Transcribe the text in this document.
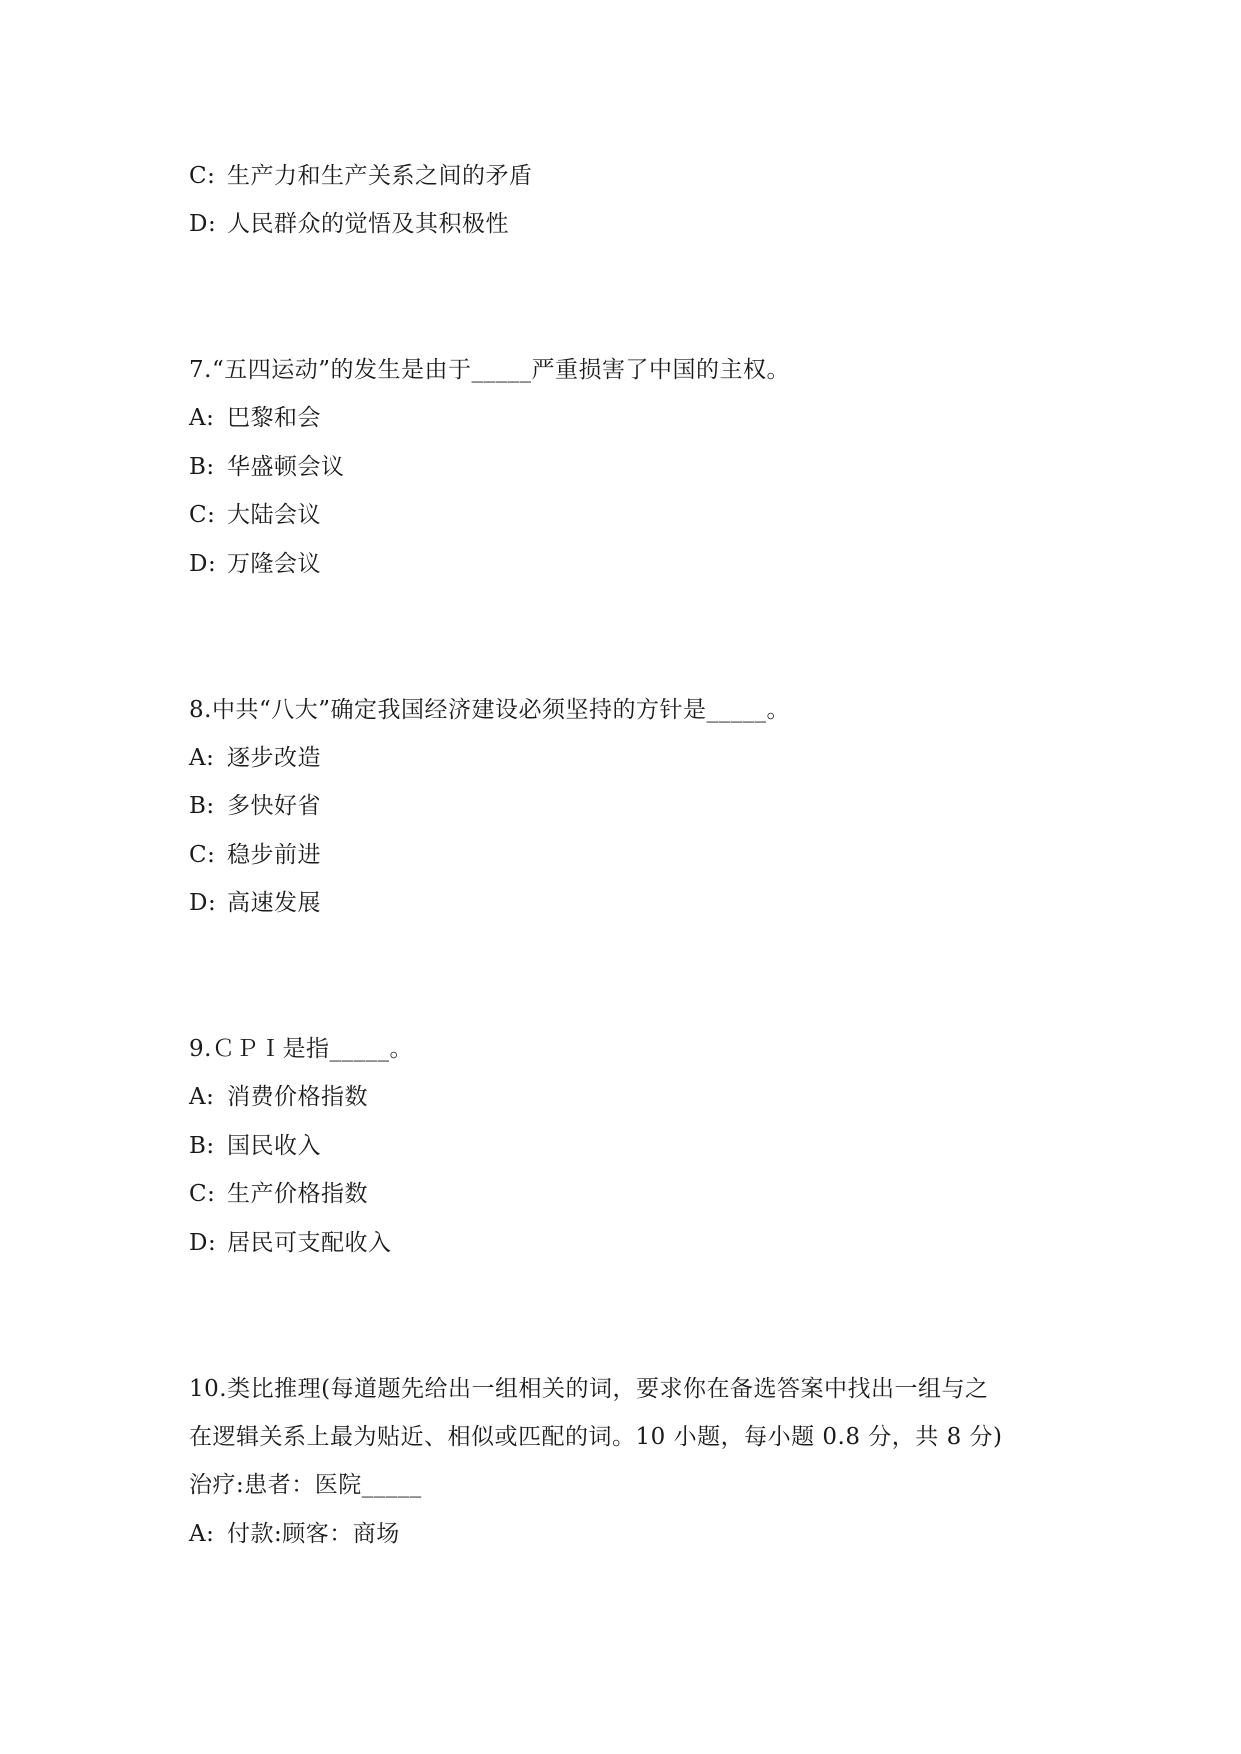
C: 生产力和生产关系之间的矛盾
D: 人民群众的觉悟及其积极性
7.“五四运动”的发生是由于_____严重损害了中国的主权。
A: 巴黎和会
B: 华盛顿会议
C: 大陆会议
D: 万隆会议
8.中共“八大”确定我国经济建设必须坚持的方针是_____。
A: 逐步改造
B: 多快好省
C: 稳步前进
D: 高速发展
9.ＣＰＩ是指_____。
A: 消费价格指数
B: 国民收入
C: 生产价格指数
D: 居民可支配收入
10.类比推理(每道题先给出一组相关的词，要求你在备选答案中找出一组与之
在逻辑关系上最为贴近、相似或匹配的词。10 小题，每小题 0.8 分，共 8 分)
治疗:患者：医院_____
A: 付款:顾客：商场
